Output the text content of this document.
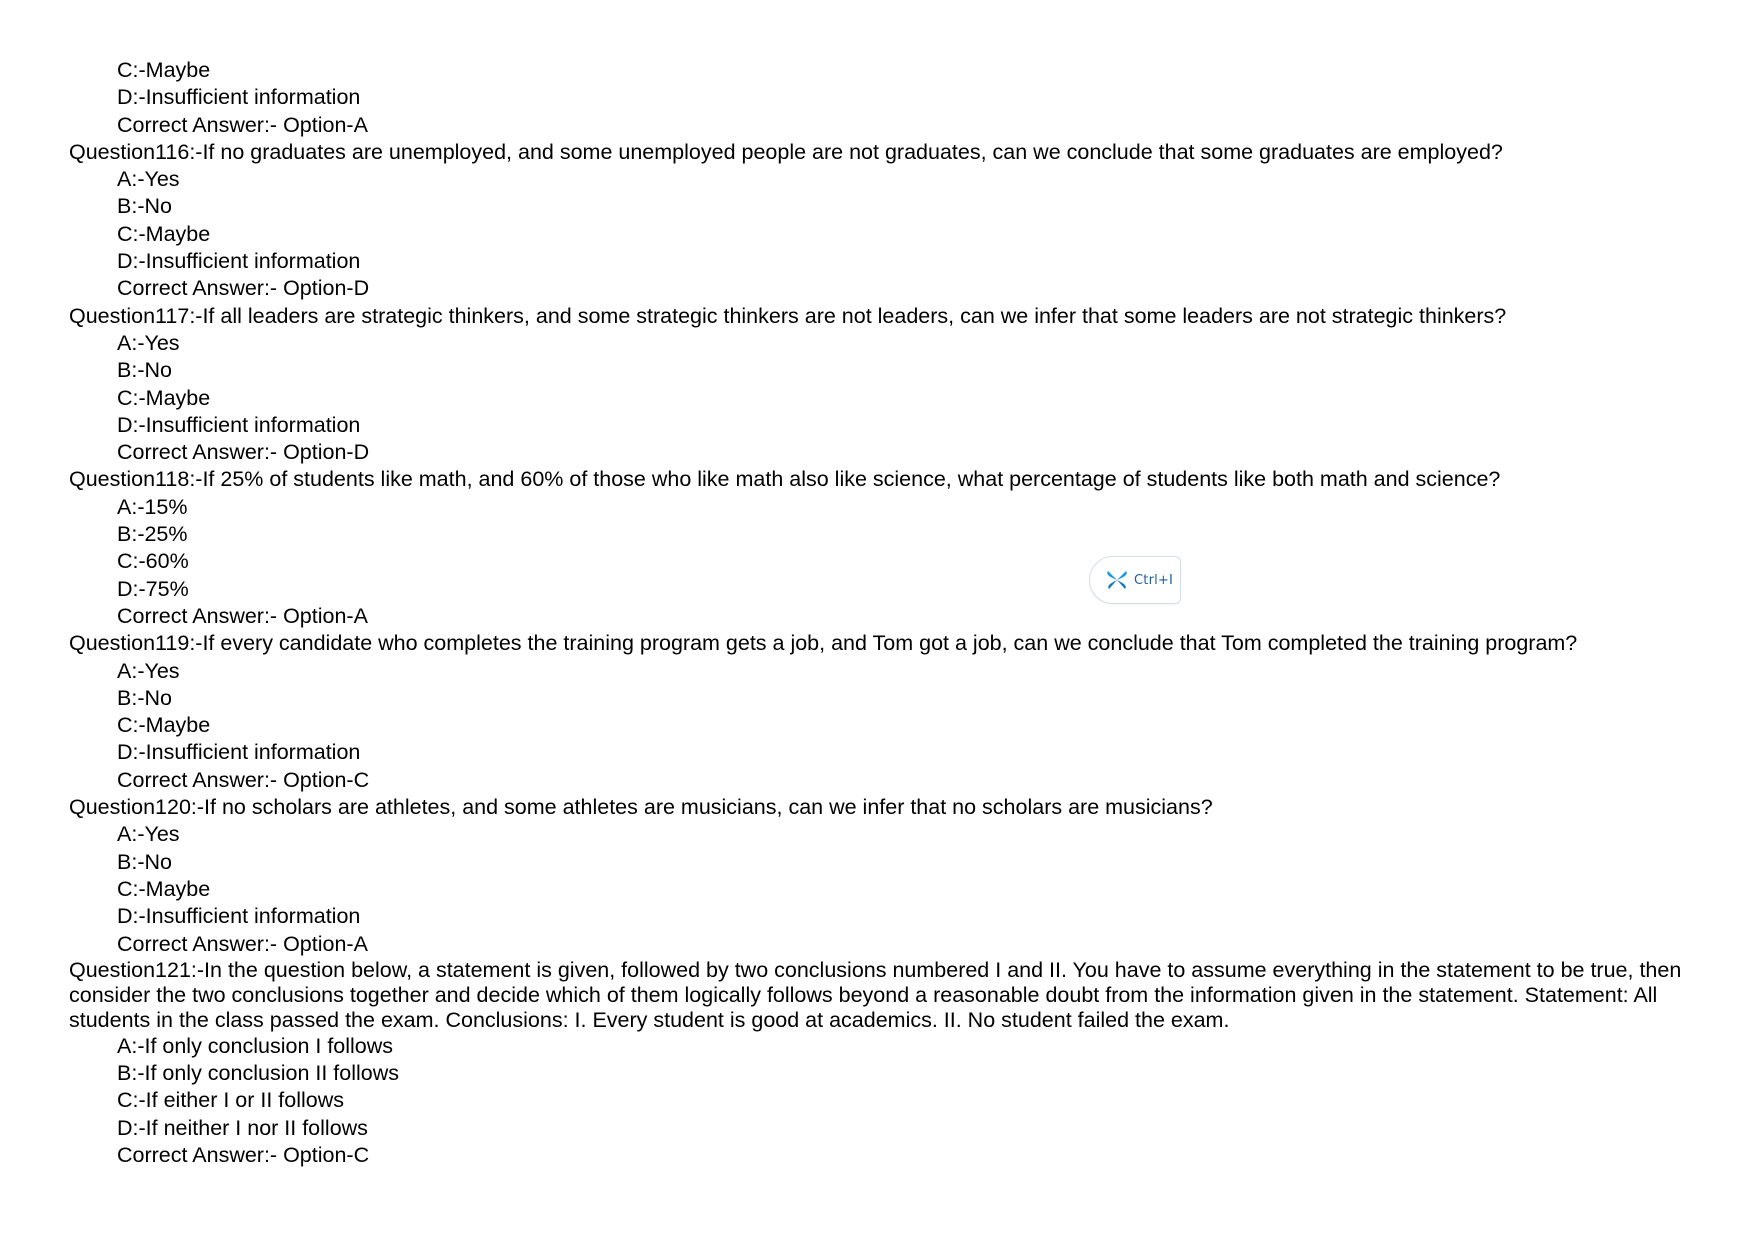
C:-Maybe
D:-Insufficient information
Correct Answer:- Option-A
Question116:-If no graduates are unemployed, and some unemployed people are not graduates, can we conclude that some graduates are employed?
A:-Yes
B:-No
C:-Maybe
D:-Insufficient information
Correct Answer:- Option-D
Question117:-If all leaders are strategic thinkers, and some strategic thinkers are not leaders, can we infer that some leaders are not strategic thinkers?
A:-Yes
B:-No
C:-Maybe
D:-Insufficient information
Correct Answer:- Option-D
Question118:-If 25% of students like math, and 60% of those who like math also like science, what percentage of students like both math and science?
A:-15%
B:-25%
C:-60%
D:-75%
Correct Answer:- Option-A
Question119:-If every candidate who completes the training program gets a job, and Tom got a job, can we conclude that Tom completed the training program?
A:-Yes
B:-No
C:-Maybe
D:-Insufficient information
Correct Answer:- Option-C
Question120:-If no scholars are athletes, and some athletes are musicians, can we infer that no scholars are musicians?
A:-Yes
B:-No
C:-Maybe
D:-Insufficient information
Correct Answer:- Option-A
Question121:-In the question below, a statement is given, followed by two conclusions numbered I and II. You have to assume everything in the statement to be true, then consider the two conclusions together and decide which of them logically follows beyond a reasonable doubt from the information given in the statement. Statement: All students in the class passed the exam. Conclusions: I. Every student is good at academics. II. No student failed the exam.
A:-If only conclusion I follows
B:-If only conclusion II follows
C:-If either I or II follows
D:-If neither I nor II follows
Correct Answer:- Option-C
Ctrl+I
